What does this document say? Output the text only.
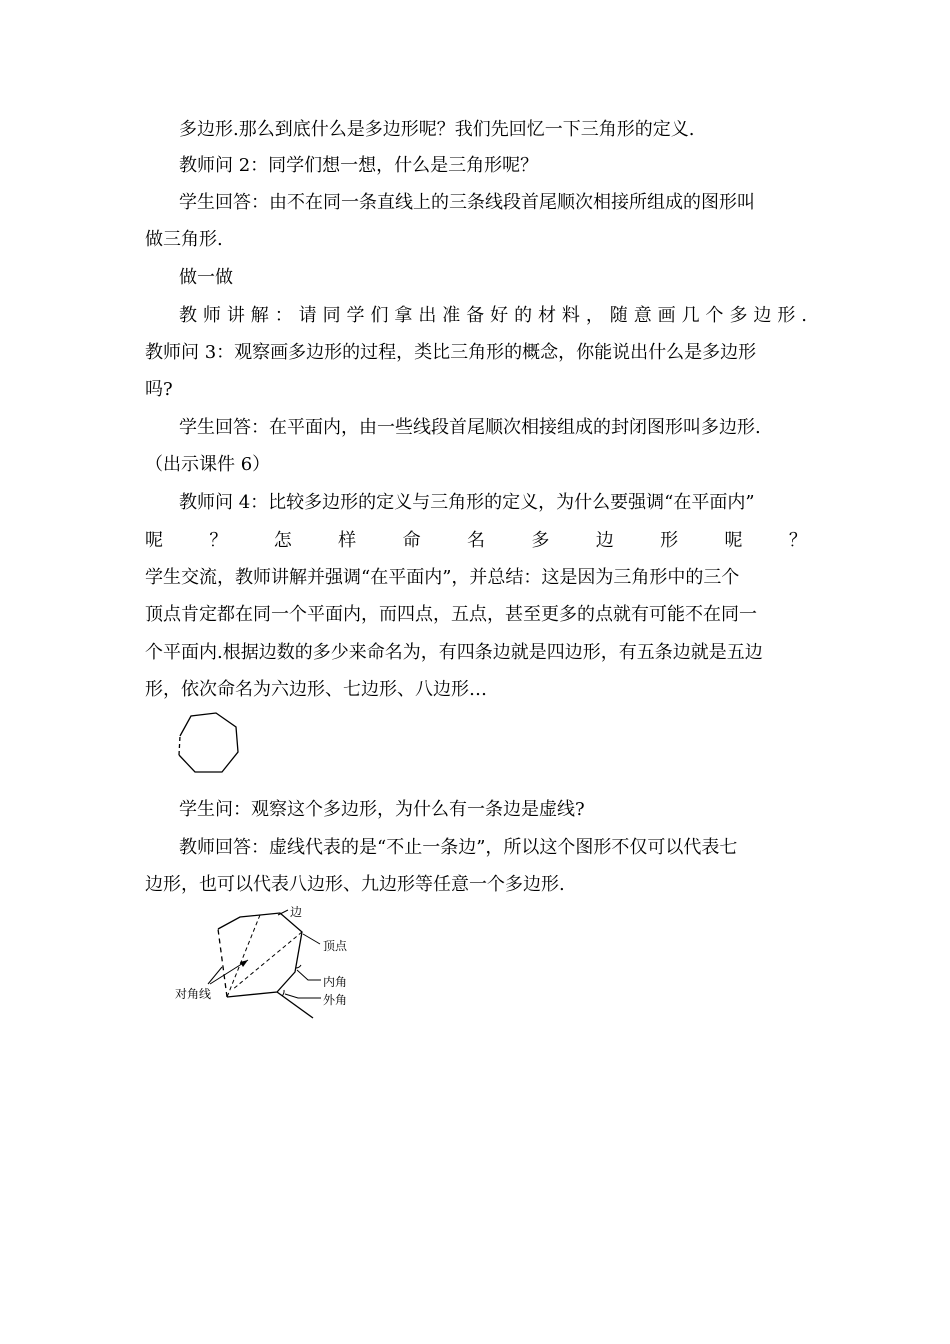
多边形.那么到底什么是多边形呢？我们先回忆一下三角形的定义.
教师问 2：同学们想一想，什么是三角形呢？
学生回答：由不在同一条直线上的三条线段首尾顺次相接所组成的图形叫
做三角形.
做一做
教师讲解：请同学们拿出准备好的材料，随意画几个多边形.
教师问 3：观察画多边形的过程，类比三角形的概念，你能说出什么是多边形
吗?
学生回答：在平面内，由一些线段首尾顺次相接组成的封闭图形叫多边形.
（出示课件 6）
教师问 4：比较多边形的定义与三角形的定义，为什么要强调“在平面内”
呢	？	怎	样	命	名	多	边	形	呢	？
学生交流，教师讲解并强调“在平面内”，并总结：这是因为三角形中的三个
顶点肯定都在同一个平面内，而四点，五点，甚至更多的点就有可能不在同一
个平面内.根据边数的多少来命名为，有四条边就是四边形，有五条边就是五边
形，依次命名为六边形、七边形、八边形…
学生问：观察这个多边形，为什么有一条边是虚线?
教师回答：虚线代表的是“不止一条边”，所以这个图形不仅可以代表七
边形，也可以代表八边形、九边形等任意一个多边形.
边
顶点
内角
外角
对角线
